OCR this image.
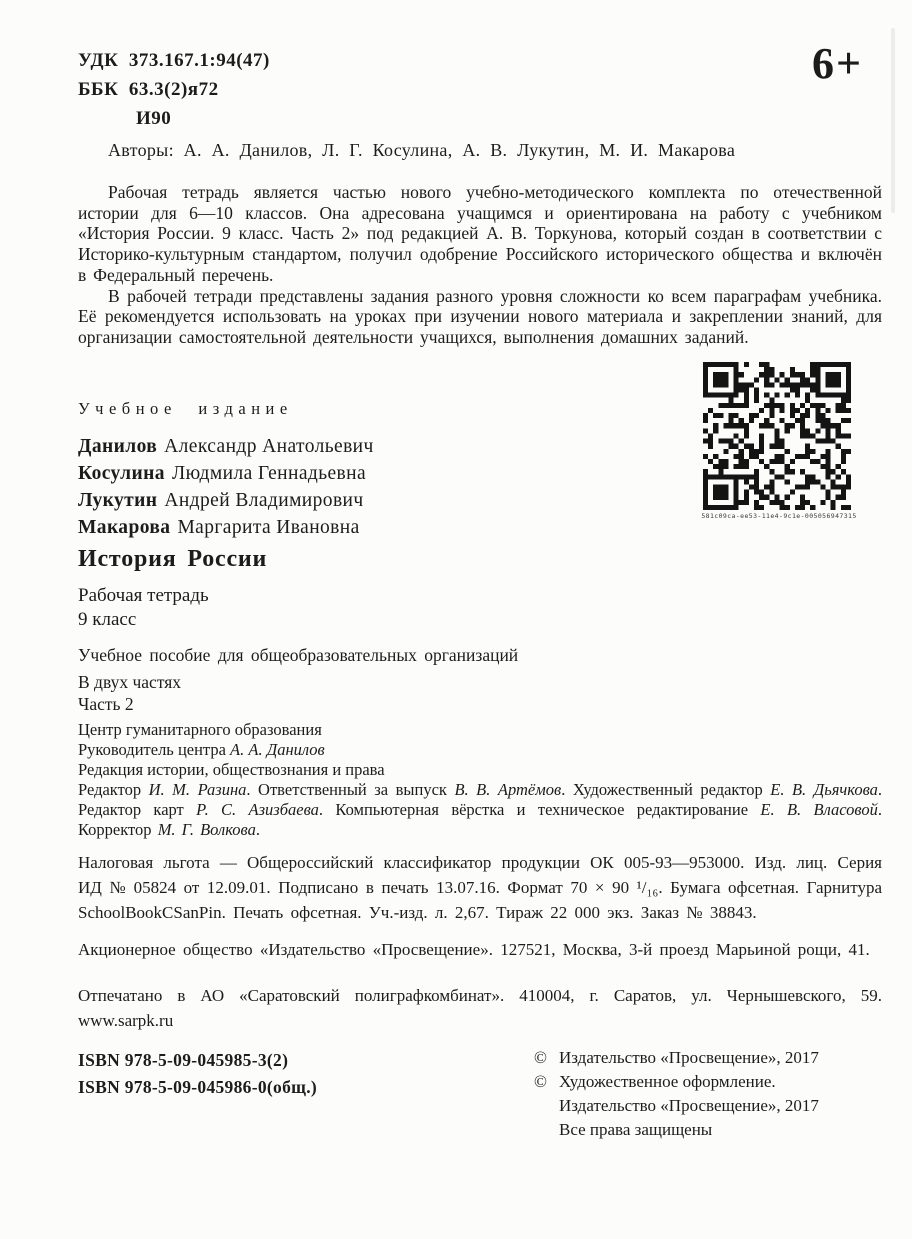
УДК  373.167.1:94(47)
ББК  63.3(2)я72
И90
6+
Авторы: А. А. Данилов, Л. Г. Косулина, А. В. Лукутин, М. И. Макарова

Рабочая тетрадь является частью нового учебно-методического комплекта по отечественной истории для 6—10 классов. Она адресована учащимся и ориентирована на работу с учебником «История России. 9 класс. Часть 2» под редакцией А. В. Торкунова, который создан в соответствии с Историко-культурным стандартом, получил одобрение Российского исторического общества и включён в Федеральный перечень.

В рабочей тетради представлены задания разного уровня сложности ко всем параграфам учебника. Её рекомендуется использовать на уроках при изучении нового материала и закреплении знаний, для организации самостоятельной деятельности учащихся, выполнения домашних заданий.

581c09ca-ee53-11e4-9c1e-005056947315
Учебное издание
Данилов Александр Анатольевич
Косулина Людмила Геннадьевна
Лукутин Андрей Владимирович
Макарова Маргарита Ивановна
История России
Рабочая тетрадь
9 класс
Учебное пособие для общеобразовательных организаций
В двух частях
Часть 2
Центр гуманитарного образования
Руководитель центра А. А. Данилов
Редакция истории, обществознания и права
Редактор И. М. Разина. Ответственный за выпуск В. В. Артёмов. Художественный редактор Е. В. Дьячкова. Редактор карт Р. С. Азизбаева. Компьютерная вёрстка и техническое редактирование Е. В. Власовой. Корректор М. Г. Волкова.

Налоговая льгота — Общероссийский классификатор продукции ОК 005-93—953000. Изд. лиц. Серия ИД № 05824 от 12.09.01. Подписано в печать 13.07.16. Формат 70 × 90 ¹/₁₆. Бумага офсетная. Гарнитура SchoolBookCSanPin. Печать офсетная. Уч.-изд. л. 2,67. Тираж 22 000 экз. Заказ № 38843.

Акционерное общество «Издательство «Просвещение». 127521, Москва, 3-й проезд Марьиной рощи, 41.

Отпечатано в АО «Саратовский полиграфкомбинат». 410004, г. Саратов, ул. Чернышевского, 59. www.sarpk.ru

ISBN 978-5-09-045985-3(2)
ISBN 978-5-09-045986-0(общ.)
© Издательство «Просвещение», 2017
© Художественное оформление.
Издательство «Просвещение», 2017
Все права защищены
